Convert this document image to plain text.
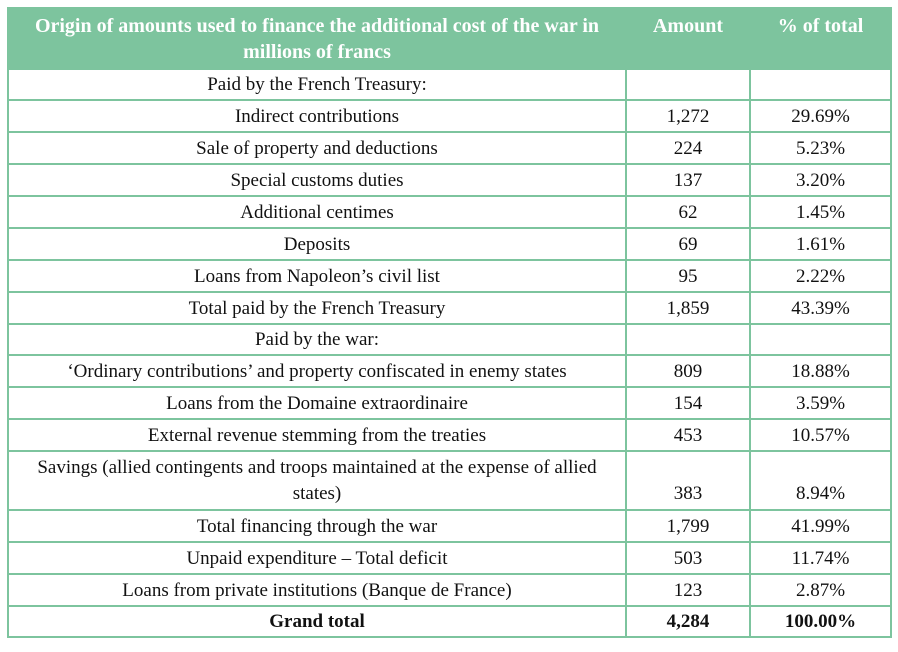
Origin of amounts used to finance the additional cost of the war in millions of francs	Amount	% of total
Paid by the French Treasury:		
Indirect contributions	1,272	29.69%
Sale of property and deductions	224	5.23%
Special customs duties	137	3.20%
Additional centimes	62	1.45%
Deposits	69	1.61%
Loans from Napoleon’s civil list	95	2.22%
Total paid by the French Treasury	1,859	43.39%
Paid by the war:		
‘Ordinary contributions’ and property confiscated in enemy states	809	18.88%
Loans from the Domaine extraordinaire	154	3.59%
External revenue stemming from the treaties	453	10.57%
Savings (allied contingents and troops maintained at the expense of allied states)	383	8.94%
Total financing through the war	1,799	41.99%
Unpaid expenditure – Total deficit	503	11.74%
Loans from private institutions (Banque de France)	123	2.87%
Grand total	4,284	100.00%
